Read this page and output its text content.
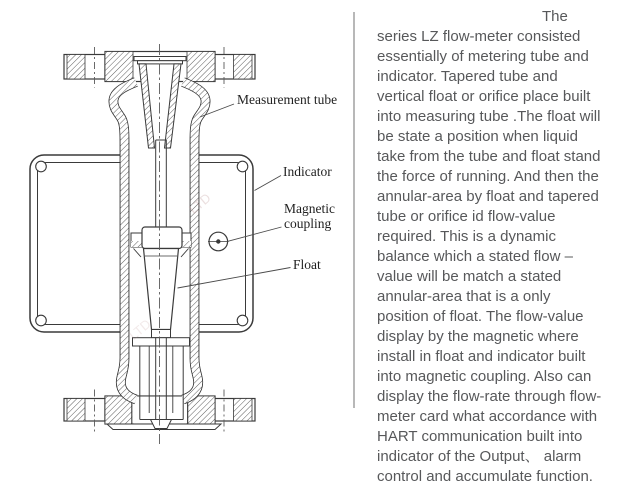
LTD
Measurement tube
Indicator
Magnetic coupling
Float
The
series LZ flow-meter consisted
essentially of metering tube and
indicator. Tapered tube and
vertical float or orifice place built
into measuring tube .The float will
be state a position when liquid
take from the tube and float stand
the force of running. And then the
annular-area by float and tapered
tube or orifice id flow-value
required. This is a dynamic
balance which a stated flow –
value will be match a stated
annular-area that is a only
position of float. The flow-value
display by the magnetic where
install in float and indicator built
into magnetic coupling. Also can
display the flow-rate through flow-
meter card what accordance with
HART communication built into
indicator of the Output、 alarm
control and accumulate function.
